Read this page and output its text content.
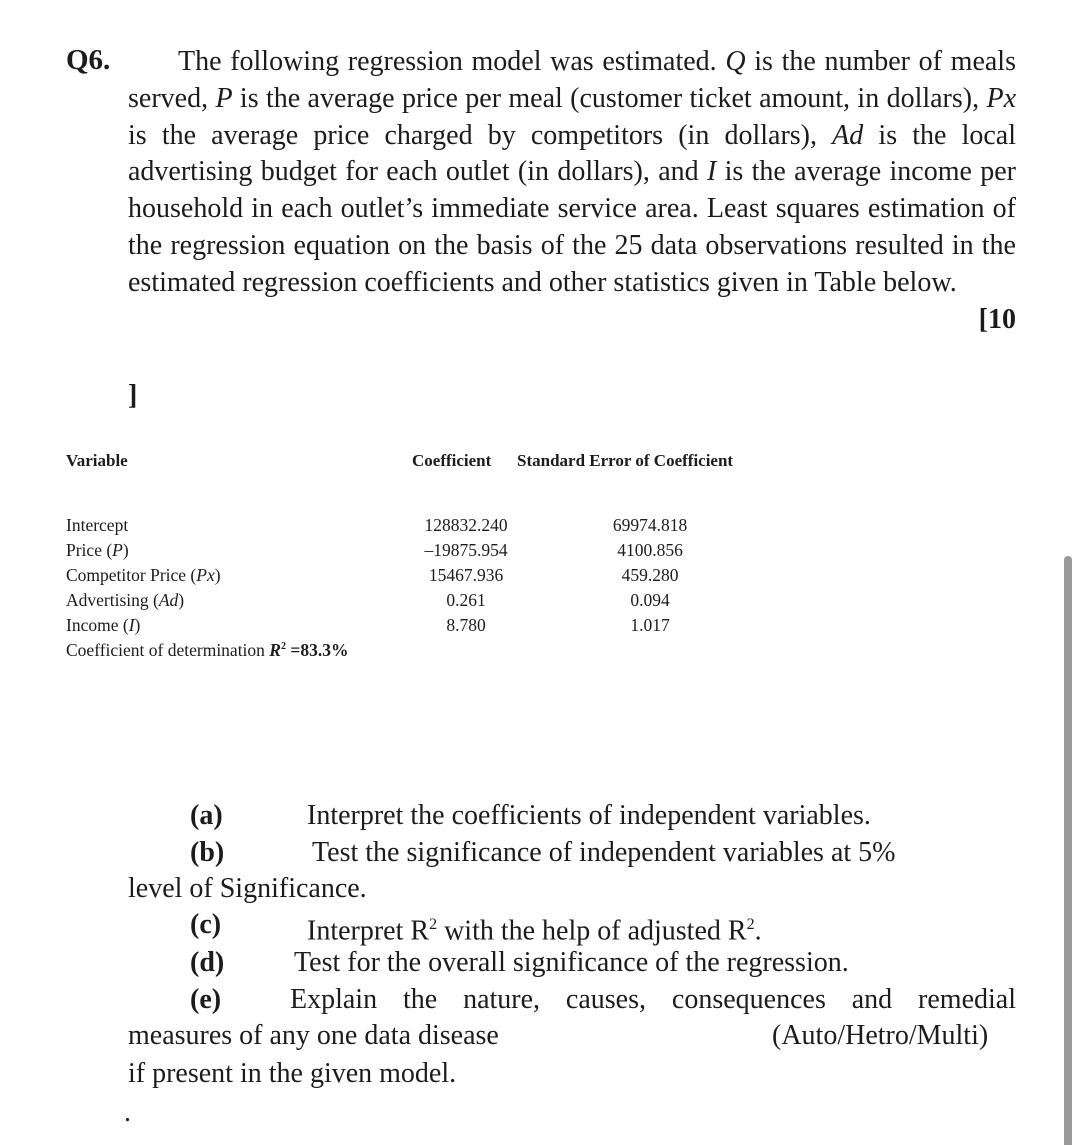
Q6.	The following regression model was estimated. Q is the number of meals served, P is the average price per meal (customer ticket amount, in dollars), Px is the average price charged by competitors (in dollars), Ad is the local advertising budget for each outlet (in dollars), and I is the average income per household in each outlet’s immediate service area. Least squares estimation of the regression equation on the basis of the 25 data observations resulted in the estimated regression coefficients and other statistics given in Table below.
[10

]
Variable	Coefficient Standard Error of Coefficient
Intercept	128832.240	69974.818
Price (P)	–19875.954	4100.856
Competitor Price (Px)	15467.936	459.280
Advertising (Ad)	0.261	0.094
Income (I)	8.780	1.017
Coefficient of determination $R^2 =83.3\%$
(a)	Interpret the coefficients of independent variables.
(b)	Test the significance of independent variables at 5%
level of Significance.
(c)	Interpret $R^2$ with the help of adjusted $R^2$.
(d) Test for the overall significance of the regression.
(e) Explain the nature, causes, consequences and remedial
measures of any one data disease	(Auto/Hetro/Multi)
if present in the given model.
.
